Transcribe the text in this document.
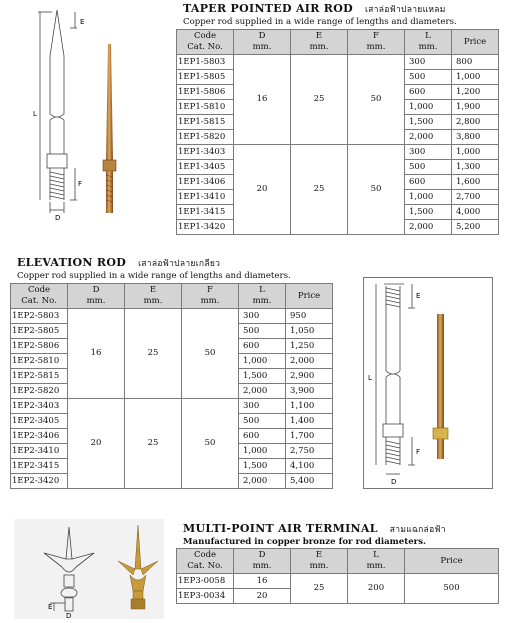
TAPER POINTED AIR ROD เสาล่อฟ้าปลายแหลม
Copper rod supplied in a wide range of lengths and diameters.
E
L
F
D
Code
Cat. No.	D
mm.	E
mm.	F
mm.	L
mm.	Price
1EP1-5803	16	25	50	300	800
1EP1-5805				500	1,000
1EP1-5806				600	1,200
1EP1-5810				1,000	1,900
1EP1-5815				1,500	2,800
1EP1-5820				2,000	3,800
1EP1-3403	20	25	50	300	1,000
1EP1-3405				500	1,300
1EP1-3406				600	1,600
1EP1-3410				1,000	2,700
1EP1-3415				1,500	4,000
1EP1-3420				2,000	5,200
ELEVATION ROD เสาล่อฟ้าปลายเกลียว
Copper rod supplied in a wide range of lengths and diameters.
Code
Cat. No.	D
mm.	E
mm.	F
mm.	L
mm.	Price
1EP2-5803	16	25	50	300	950
1EP2-5805				500	1,050
1EP2-5806				600	1,250
1EP2-5810				1,000	2,000
1EP2-5815				1,500	2,900
1EP2-5820				2,000	3,900
1EP2-3403	20	25	50	300	1,100
1EP2-3405				500	1,400
1EP2-3406				600	1,700
1EP2-3410				1,000	2,750
1EP2-3415				1,500	4,100
1EP2-3420				2,000	5,400
E
L
F
D
MULTI-POINT AIR TERMINAL สามแฉกล่อฟ้า
Manufactured in copper bronze for rod diameters.
E
D
Code
Cat. No.	D
mm.	E
mm.	L
mm.	Price
1EP3-0058	16	25	200	500
1EP3-0034	20			
